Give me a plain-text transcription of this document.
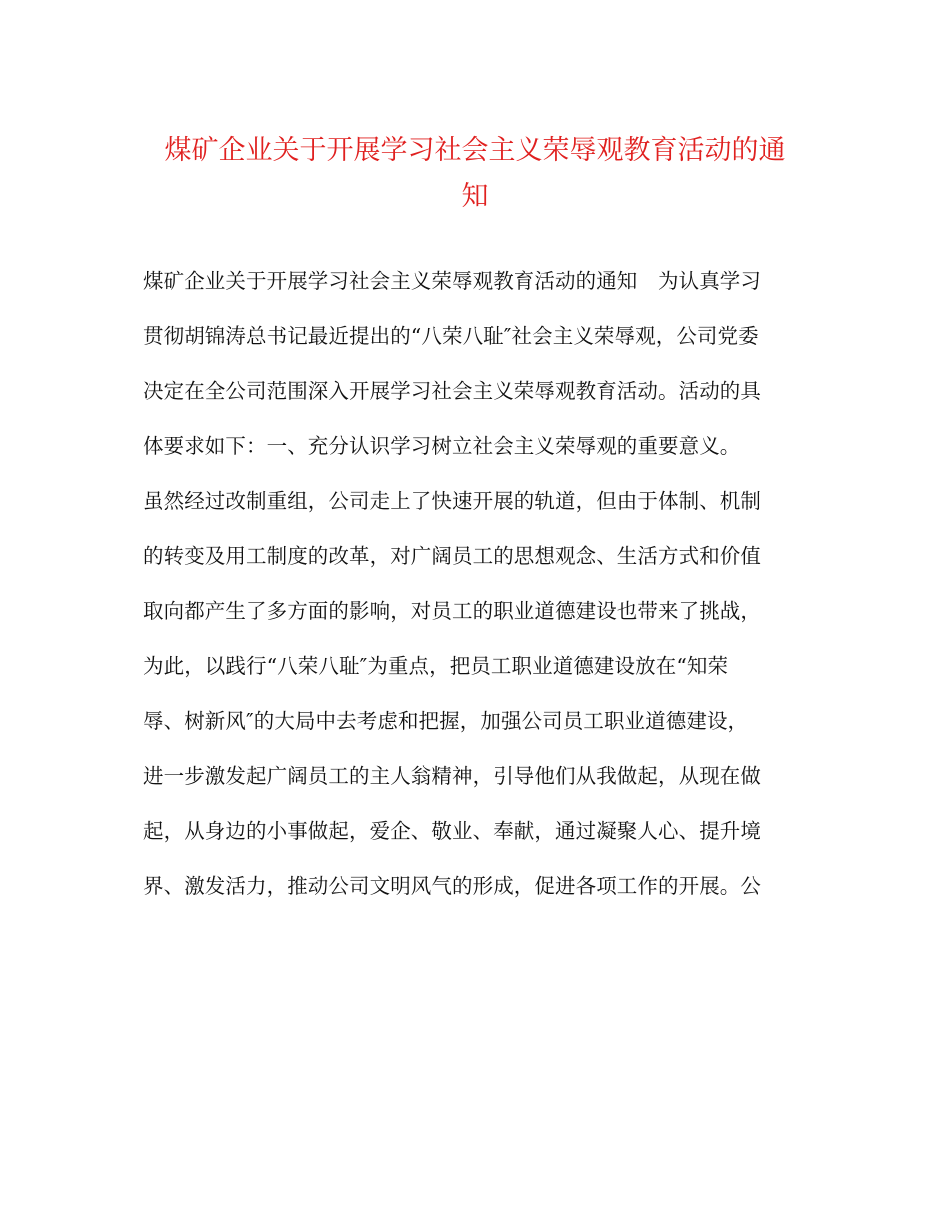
煤矿企业关于开展学习社会主义荣辱观教育活动的通
知
煤矿企业关于开展学习社会主义荣辱观教育活动的通知　为认真学习
贯彻胡锦涛总书记最近提出的“八荣八耻″社会主义荣辱观，公司党委
决定在全公司范围深入开展学习社会主义荣辱观教育活动。活动的具
体要求如下：一、充分认识学习树立社会主义荣辱观的重要意义。
虽然经过改制重组，公司走上了快速开展的轨道，但由于体制、机制
的转变及用工制度的改革，对广阔员工的思想观念、生活方式和价值
取向都产生了多方面的影响，对员工的职业道德建设也带来了挑战，
为此，以践行“八荣八耻″为重点，把员工职业道德建设放在“知荣
辱、树新风″的大局中去考虑和把握，加强公司员工职业道德建设，
进一步激发起广阔员工的主人翁精神，引导他们从我做起，从现在做
起，从身边的小事做起，爱企、敬业、奉献，通过凝聚人心、提升境
界、激发活力，推动公司文明风气的形成，促进各项工作的开展。公
